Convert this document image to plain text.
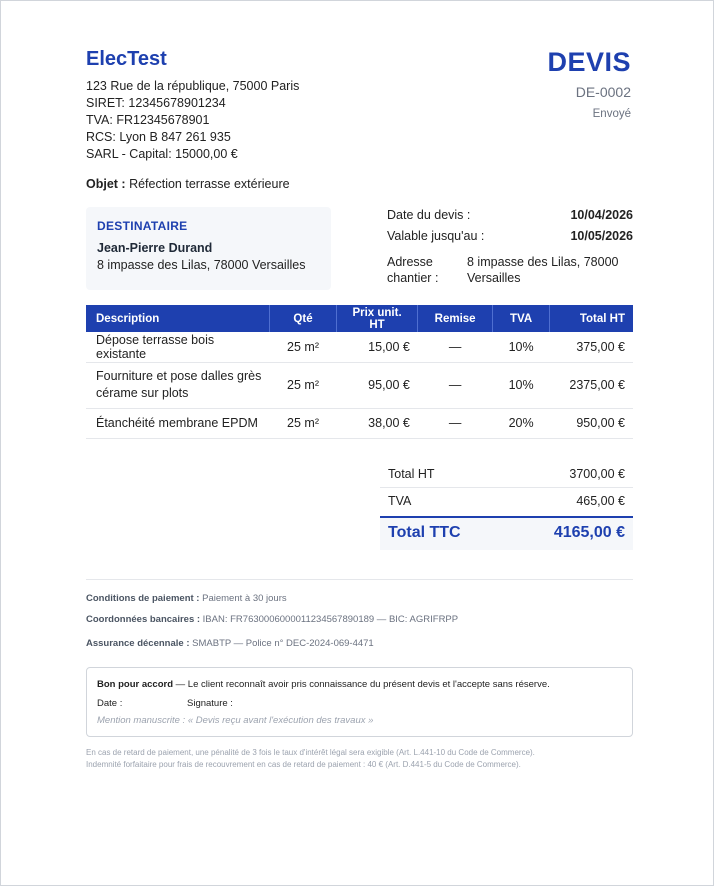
ElecTest
123 Rue de la république, 75000 Paris
SIRET: 12345678901234
TVA: FR12345678901
RCS: Lyon B 847 261 935
SARL - Capital: 15000,00 €
DEVIS
DE-0002
Envoyé
Objet : Réfection terrasse extérieure
DESTINATAIRE
Jean-Pierre Durand
8 impasse des Lilas, 78000 Versailles
Date du devis :	10/04/2026
Valable jusqu'au :	10/05/2026
Adresse
chantier :
8 impasse des Lilas, 78000
Versailles
Description	Qté	Prix unit. HT	Remise	TVA	Total HT
Dépose terrasse bois existante	25 m²	15,00 €	—	10%	375,00 €
Fourniture et pose dalles grès cérame sur plots	25 m²	95,00 €	—	10%	2375,00 €
Étanchéité membrane EPDM	25 m²	38,00 €	—	20%	950,00 €
Total HT	3700,00 €
TVA	465,00 €
Total TTC	4165,00 €
Conditions de paiement : Paiement à 30 jours
Coordonnées bancaires : IBAN: FR7630006000011234567890189 — BIC: AGRIFRPP
Assurance décennale : SMABTP — Police n° DEC-2024-069-4471
Bon pour accord — Le client reconnaît avoir pris connaissance du présent devis et l'accepte sans réserve.
Date :	Signature :
Mention manuscrite : « Devis reçu avant l'exécution des travaux »
En cas de retard de paiement, une pénalité de 3 fois le taux d'intérêt légal sera exigible (Art. L.441-10 du Code de Commerce).
Indemnité forfaitaire pour frais de recouvrement en cas de retard de paiement : 40 € (Art. D.441-5 du Code de Commerce).
